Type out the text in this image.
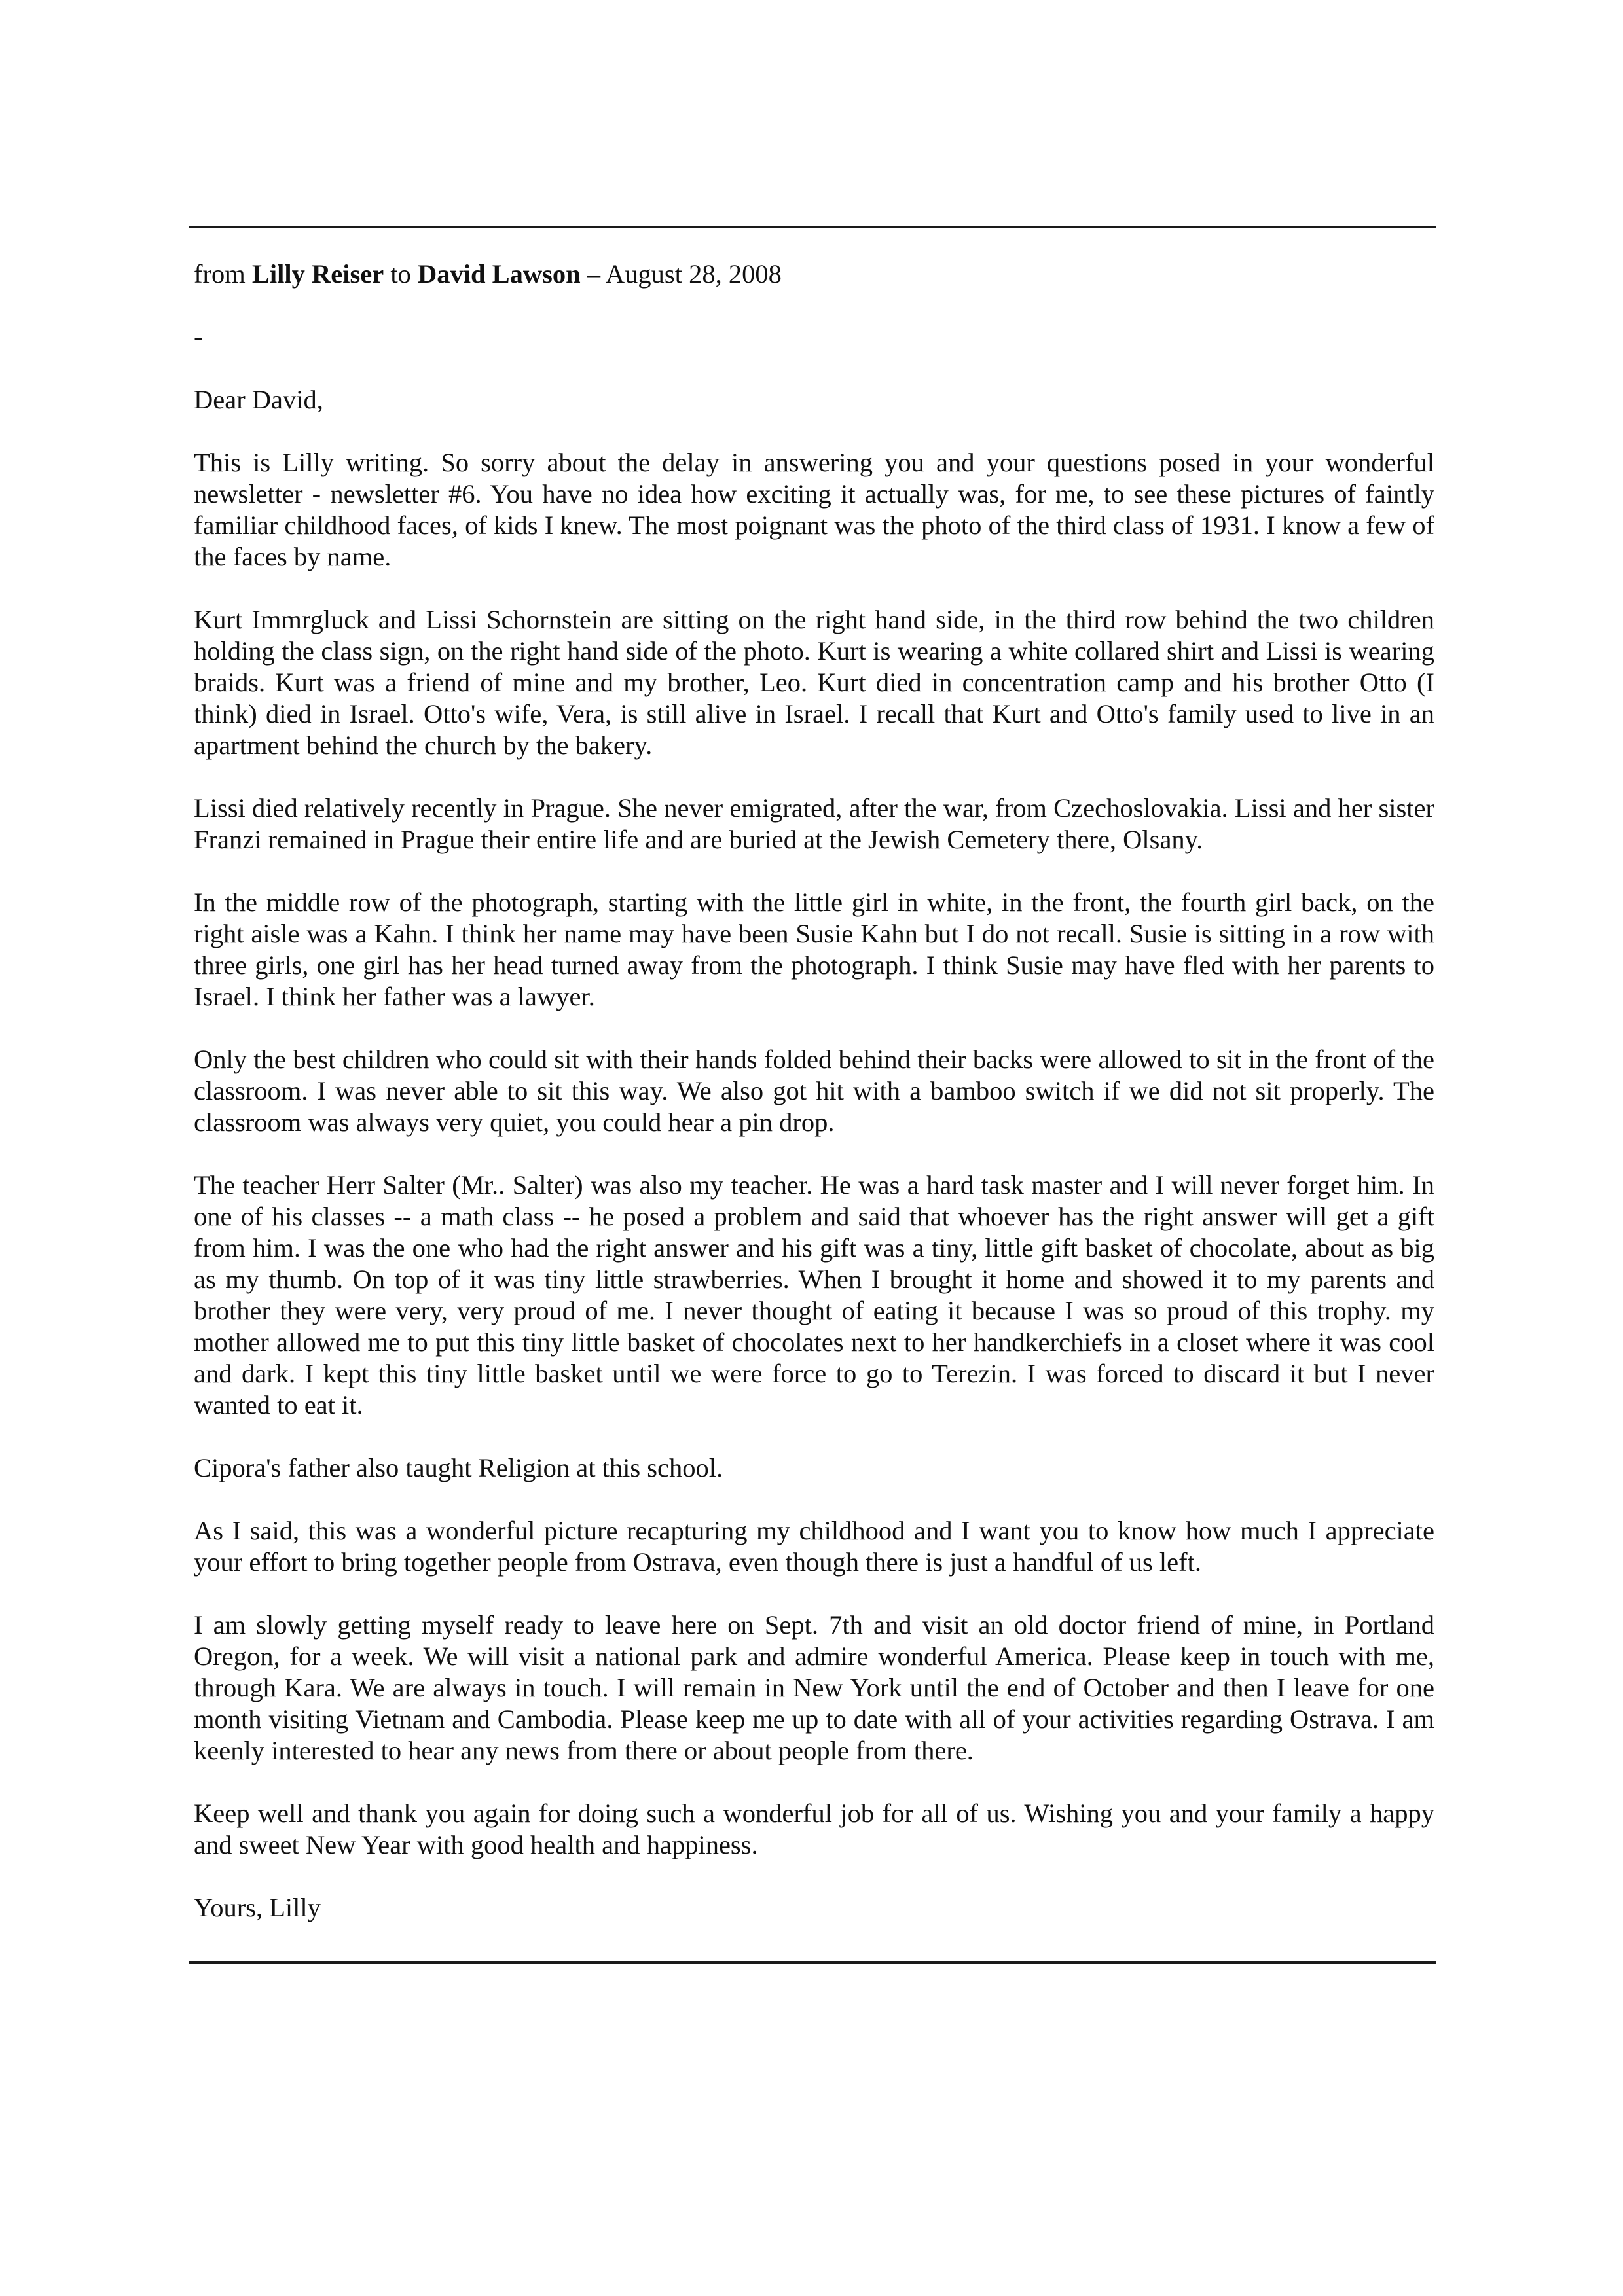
from Lilly Reiser to David Lawson – August 28, 2008

-

Dear David,

This is Lilly writing. So sorry about the delay in answering you and your questions posed in your wonderful newsletter - newsletter #6. You have no idea how exciting it actually was, for me, to see these pictures of faintly familiar childhood faces, of kids I knew. The most poignant was the photo of the third class of 1931. I know a few of the faces by name.

Kurt Immrgluck and Lissi Schornstein are sitting on the right hand side, in the third row behind the two children holding the class sign, on the right hand side of the photo. Kurt is wearing a white collared shirt and Lissi is wearing braids. Kurt was a friend of mine and my brother, Leo. Kurt died in concentration camp and his brother Otto (I think) died in Israel. Otto's wife, Vera, is still alive in Israel. I recall that Kurt and Otto's family used to live in an apartment behind the church by the bakery.

Lissi died relatively recently in Prague. She never emigrated, after the war, from Czechoslovakia. Lissi and her sister Franzi remained in Prague their entire life and are buried at the Jewish Cemetery there, Olsany.

In the middle row of the photograph, starting with the little girl in white, in the front, the fourth girl back, on the right aisle was a Kahn. I think her name may have been Susie Kahn but I do not recall. Susie is sitting in a row with three girls, one girl has her head turned away from the photograph. I think Susie may have fled with her parents to Israel. I think her father was a lawyer.

Only the best children who could sit with their hands folded behind their backs were allowed to sit in the front of the classroom. I was never able to sit this way. We also got hit with a bamboo switch if we did not sit properly. The classroom was always very quiet, you could hear a pin drop.

The teacher Herr Salter (Mr.. Salter) was also my teacher. He was a hard task master and I will never forget him. In one of his classes -- a math class -- he posed a problem and said that whoever has the right answer will get a gift from him. I was the one who had the right answer and his gift was a tiny, little gift basket of chocolate, about as big as my thumb. On top of it was tiny little strawberries. When I brought it home and showed it to my parents and brother they were very, very proud of me. I never thought of eating it because I was so proud of this trophy. my mother allowed me to put this tiny little basket of chocolates next to her handkerchiefs in a closet where it was cool and dark. I kept this tiny little basket until we were force to go to Terezin. I was forced to discard it but I never wanted to eat it.

Cipora's father also taught Religion at this school.

As I said, this was a wonderful picture recapturing my childhood and I want you to know how much I appreciate your effort to bring together people from Ostrava, even though there is just a handful of us left.

I am slowly getting myself ready to leave here on Sept. 7th and visit an old doctor friend of mine, in Portland Oregon, for a week. We will visit a national park and admire wonderful America. Please keep in touch with me, through Kara. We are always in touch. I will remain in New York until the end of October and then I leave for one month visiting Vietnam and Cambodia. Please keep me up to date with all of your activities regarding Ostrava. I am keenly interested to hear any news from there or about people from there.

Keep well and thank you again for doing such a wonderful job for all of us. Wishing you and your family a happy and sweet New Year with good health and happiness.

Yours, Lilly
